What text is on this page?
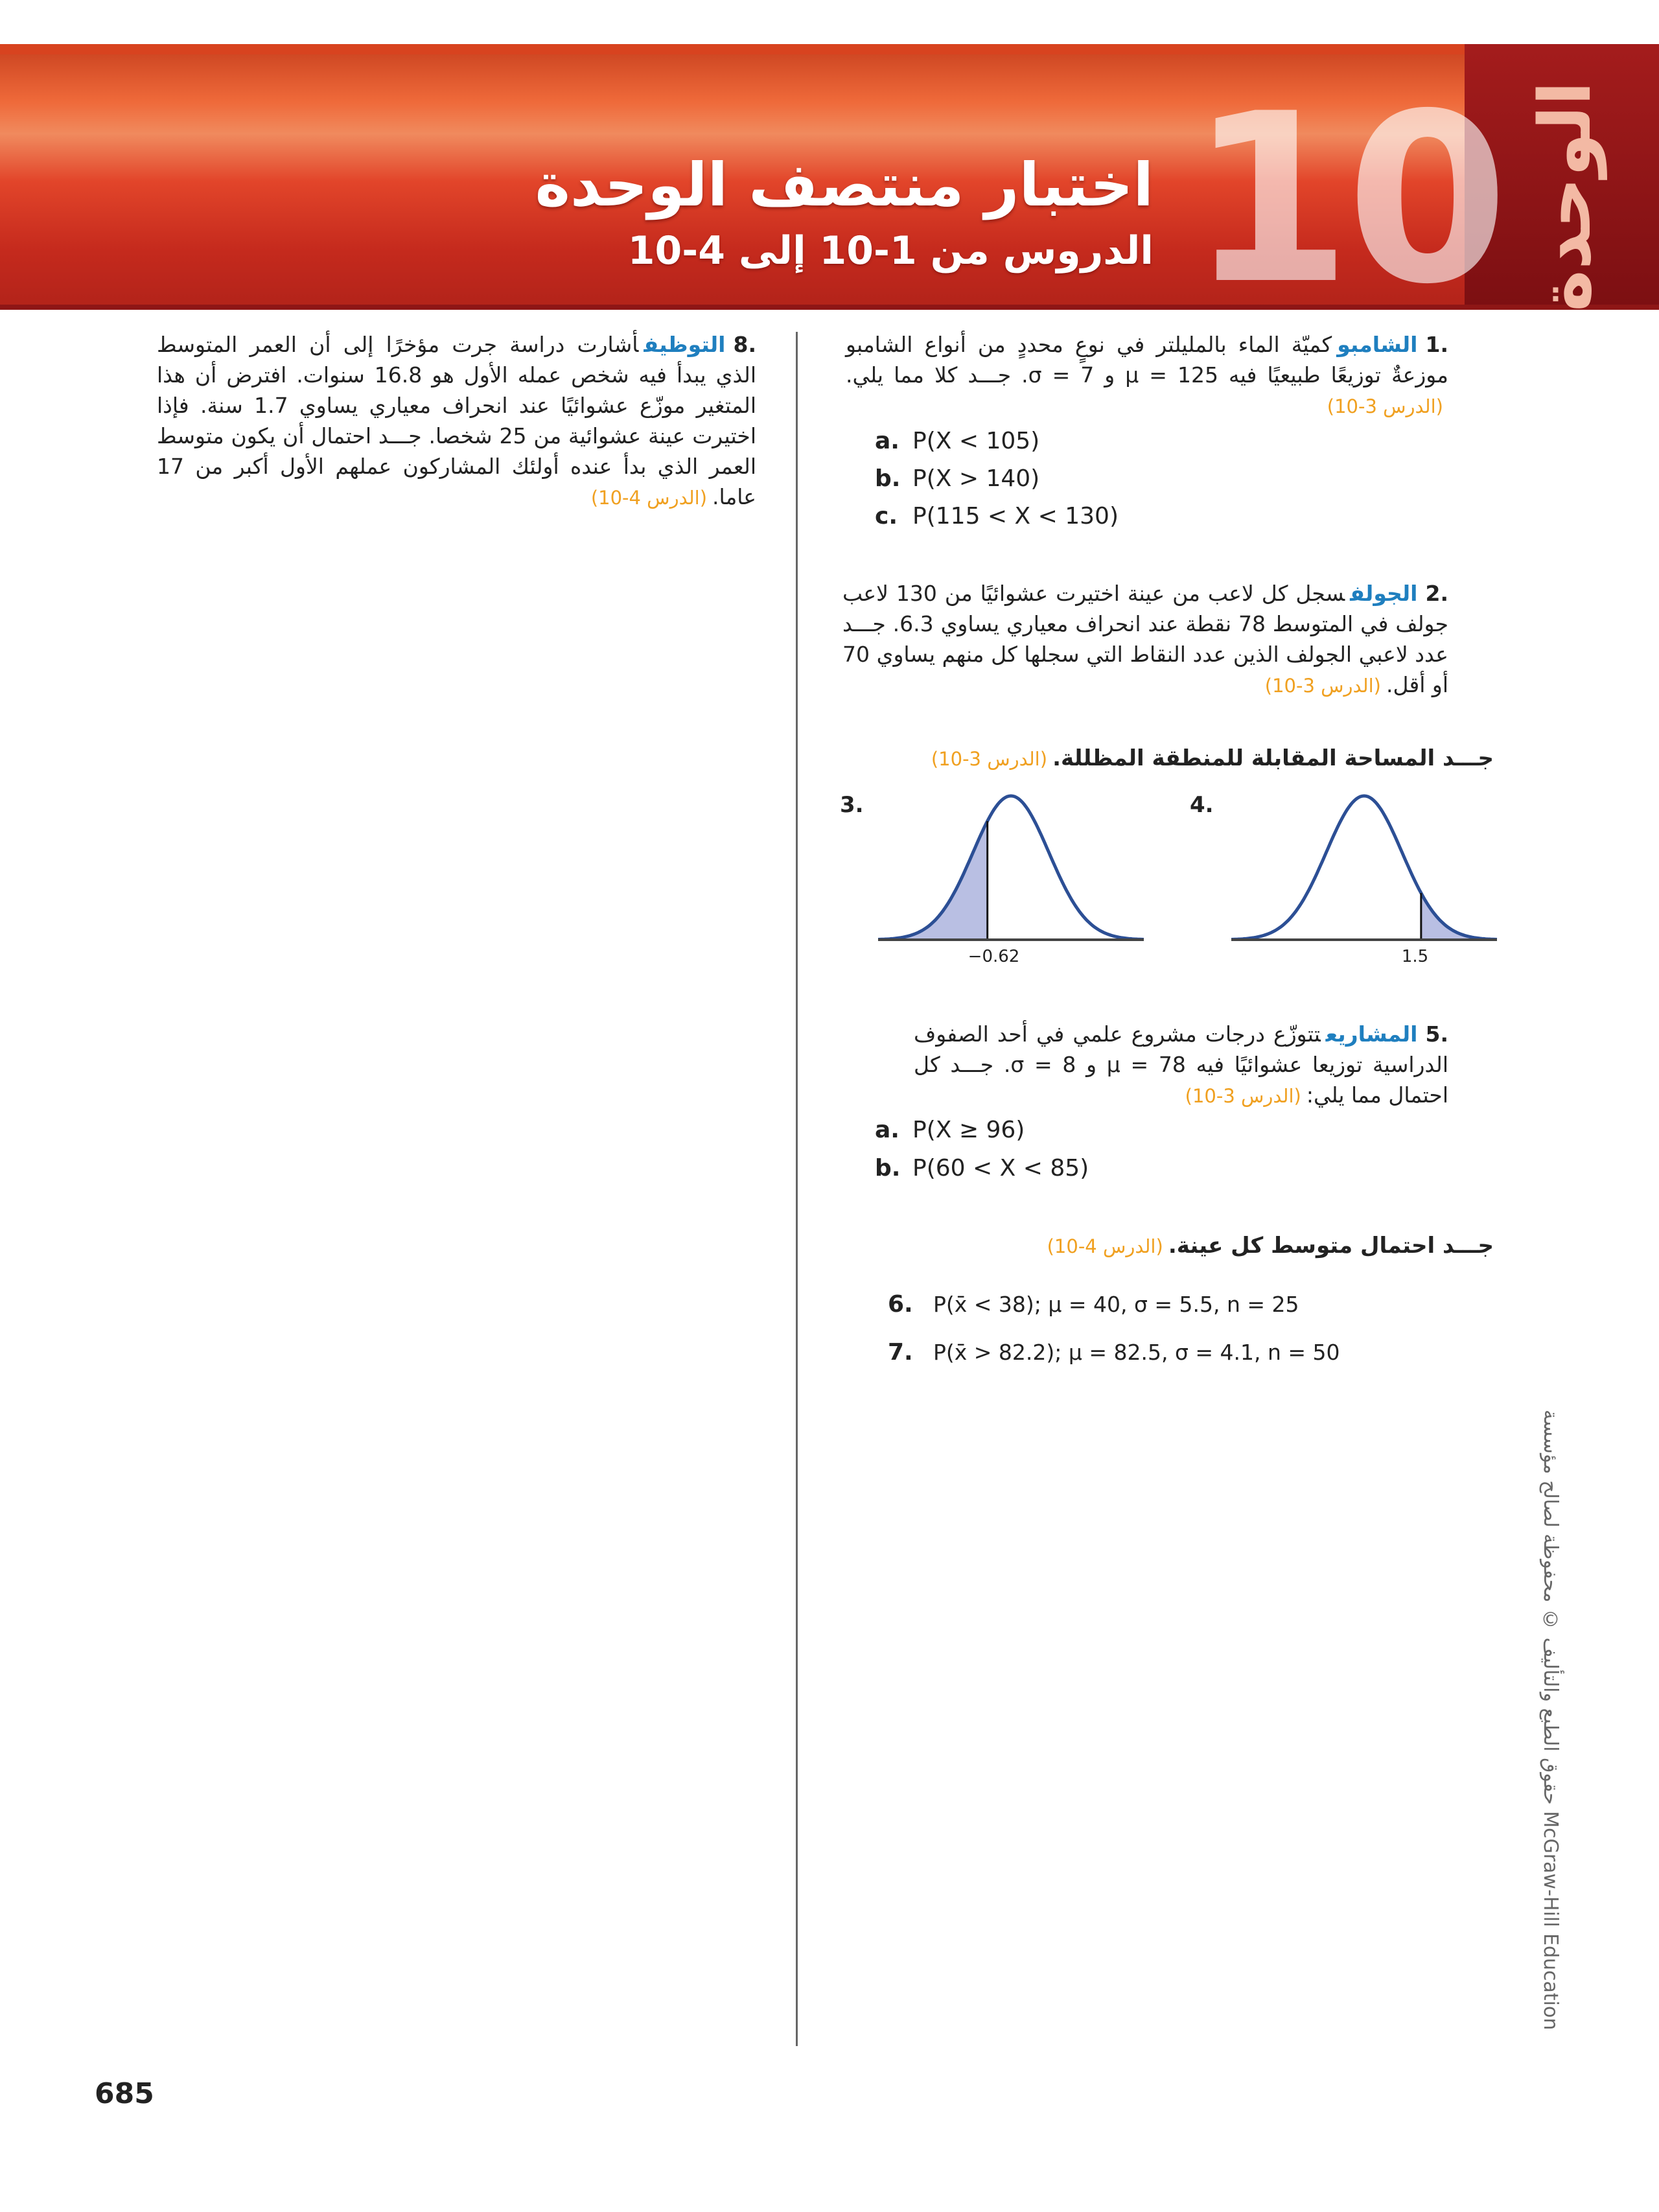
10 الوحدة
اختبار منتصف الوحدة
الدروس من 1-10 إلى 4-10
.1الشامبوكميّة الماء بالمليلتر في نوعٍ محددٍ من أنواع الشامبو موزعةٌ توزيعًا طبيعيًا فيه μ = 125 و σ = 7. جـــد كلا مما يلي.(الدرس 3-10)
a. P(X < 105)
b. P(X > 140)
c. P(115 < X < 130)
.2الجولفسجل كل لاعب من عينة اختيرت عشوائيًا من 130 لاعب جولف في المتوسط 78 نقطة عند انحراف معياري يساوي 6.3. جـــد عدد لاعبي الجولف الذين عدد النقاط التي سجلها كل منهم يساوي 70 أو أقل.(الدرس 3-10)
جـــد المساحة المقابلة للمنطقة المظللة.(الدرس 3-10)
3.
−0.62
4.
1.5
.5المشاريعتتوزّع درجات مشروع علمي في أحد الصفوف الدراسية توزيعا عشوائيًا فيه μ = 78 و σ = 8. جـــد كل احتمال مما يلي:(الدرس 3-10)
a. P(X ≥ 96)
b. P(60 < X < 85)
جـــد احتمال متوسط كل عينة.(الدرس 4-10)
6. P(x̄ < 38); μ = 40, σ = 5.5, n = 25
7. P(x̄ > 82.2); μ = 82.5, σ = 4.1, n = 50
.8التوظيفأشارت دراسة جرت مؤخرًا إلى أن العمر المتوسط الذي يبدأ فيه شخص عمله الأول هو 16.8 سنوات. افترض أن هذا المتغير موزّع عشوائيًا عند انحراف معياري يساوي 1.7 سنة. فإذا اختيرت عينة عشوائية من 25 شخصا. جـــد احتمال أن يكون متوسط العمر الذي بدأ عنده أولئك المشاركون عملهم الأول أكبر من 17 عاما.(الدرس 4-10)
حقوق الطبع والتأليف © محفوظة لصالح مؤسسة McGraw-Hill Education
685
